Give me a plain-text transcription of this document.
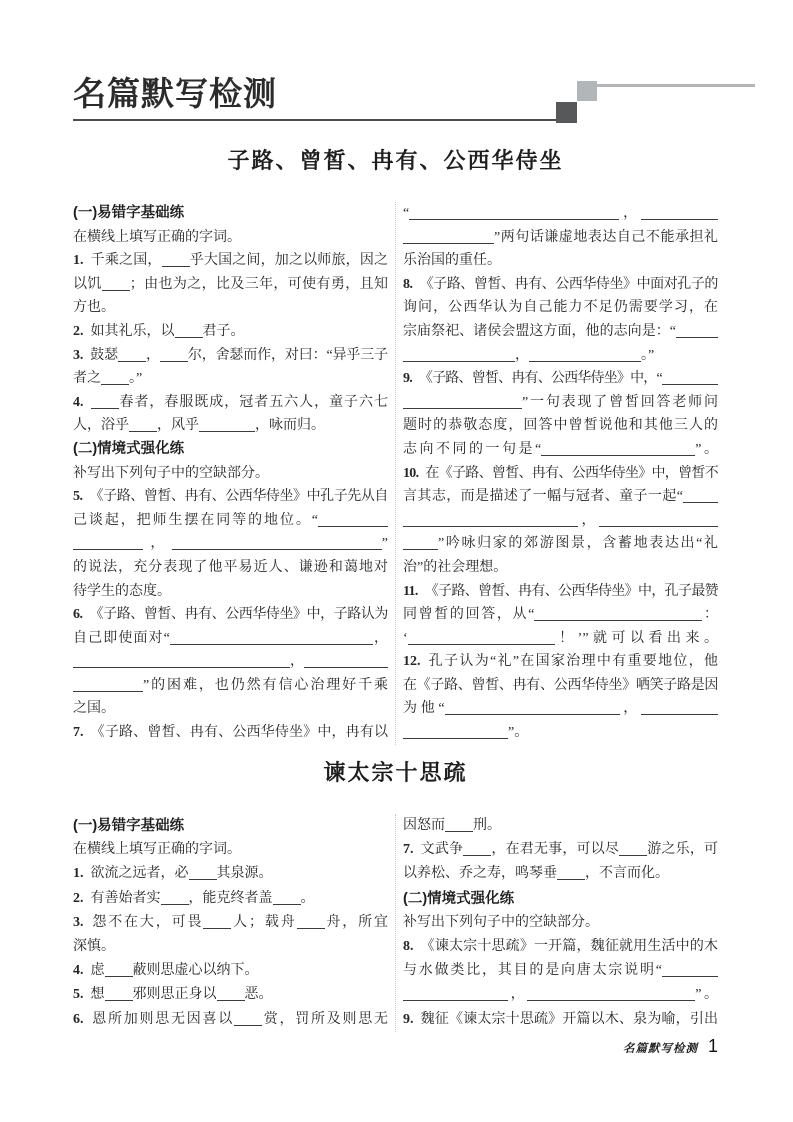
名篇默写检测
子路、曾皙、冉有、公西华侍坐
(一)易错字基础练
在横线上填写正确的字词。
1. 千乘之国， 乎大国之间，加之以师旅，因之
以饥 ；由也为之，比及三年，可使有勇，且知
方也。
2. 如其礼乐，以 君子。
3. 鼓瑟 ， 尔，舍瑟而作，对曰：“异乎三子
者之 。”
4.	春者，春服既成，冠者五六人，童子六七
人，浴乎 ，风乎	，咏而归。
(二)情境式强化练
补写出下列句子中的空缺部分。
5. 《子路、曾皙、冉有、公西华侍坐》中孔子先从自
己谈起，把师生摆在同等的地位。“
，	”
的说法，充分表现了他平易近人、谦逊和蔼地对
待学生的态度。
6. 《子路、曾皙、冉有、公西华侍坐》中，子路认为
自己即使面对“	，
，
”的困难，也仍然有信心治理好千乘
之国。
7. 《子路、曾皙、冉有、公西华侍坐》中，冉有以
“	，
”两句话谦虚地表达自己不能承担礼
乐治国的重任。
8. 《子路、曾皙、冉有、公西华侍坐》中面对孔子的
询问，公西华认为自己能力不足仍需要学习，在
宗庙祭祀、诸侯会盟这方面，他的志向是：“
，	。”
9. 《子路、曾皙、冉有、公西华侍坐》中，“
”一句表现了曾皙回答老师问
题时的恭敬态度，回答中曾皙说他和其他三人的
志向不同的一句是“	”。
10. 在《子路、曾皙、冉有、公西华侍坐》中，曾皙不
言其志，而是描述了一幅与冠者、童子一起“
，
”吟咏归家的郊游图景，含蓄地表达出“礼
治”的社会理想。
11. 《子路、曾皙、冉有、公西华侍坐》中，孔子最赞
同曾皙的回答，从“	：
‘	！’”就可以看出来。
12. 孔子认为“礼”在国家治理中有重要地位，他
在《子路、曾皙、冉有、公西华侍坐》哂笑子路是因
为他“	，
”。
谏太宗十思疏
(一)易错字基础练
在横线上填写正确的字词。
1. 欲流之远者，必 其泉源。
2. 有善始者实 ，能克终者盖 。
3. 怨不在大，可畏 人；载舟 舟，所宜
深慎。
4. 虑 蔽则思虚心以纳下。
5. 想 邪则思正身以 恶。
6. 恩所加则思无因喜以 赏，罚所及则思无
因怒而 刑。
7. 文武争 ，在君无事，可以尽 游之乐，可
以养松、乔之寿，鸣琴垂 ，不言而化。
(二)情境式强化练
补写出下列句子中的空缺部分。
8. 《谏太宗十思疏》一开篇，魏征就用生活中的木
与水做类比，其目的是向唐太宗说明“
，	”。
9. 魏征《谏太宗十思疏》开篇以木、泉为喻，引出
名篇默写检测 1
